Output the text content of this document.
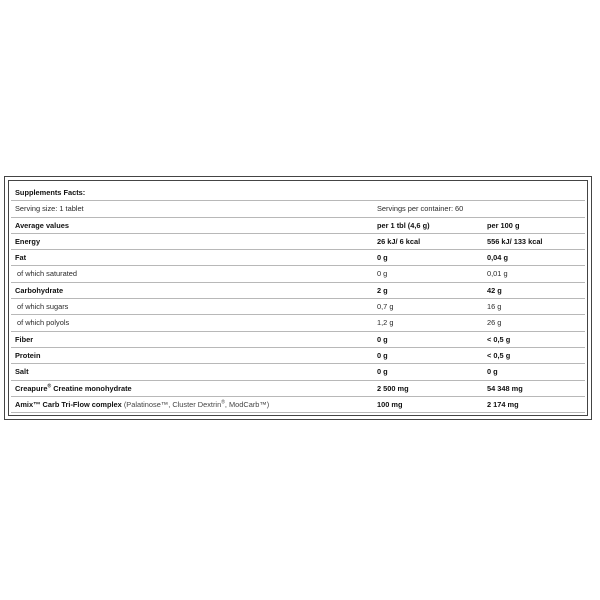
Supplements Facts:		
Serving size: 1 tablet	Servings per container: 60	
Average values	per 1 tbl (4,6 g)	per 100 g
Energy	26 kJ/ 6 kcal	556 kJ/ 133 kcal
Fat	0 g	0,04 g
of which saturated	0 g	0,01 g
Carbohydrate	2 g	42 g
of which sugars	0,7 g	16 g
of which polyols	1,2 g	26 g
Fiber	0 g	< 0,5 g
Protein	0 g	< 0,5 g
Salt	0 g	0 g
Creapure® Creatine monohydrate	2 500 mg	54 348 mg
Amix™ Carb Tri-Flow complex (Palatinose™, Cluster Dextrin®, ModCarb™)	100 mg	2 174 mg
